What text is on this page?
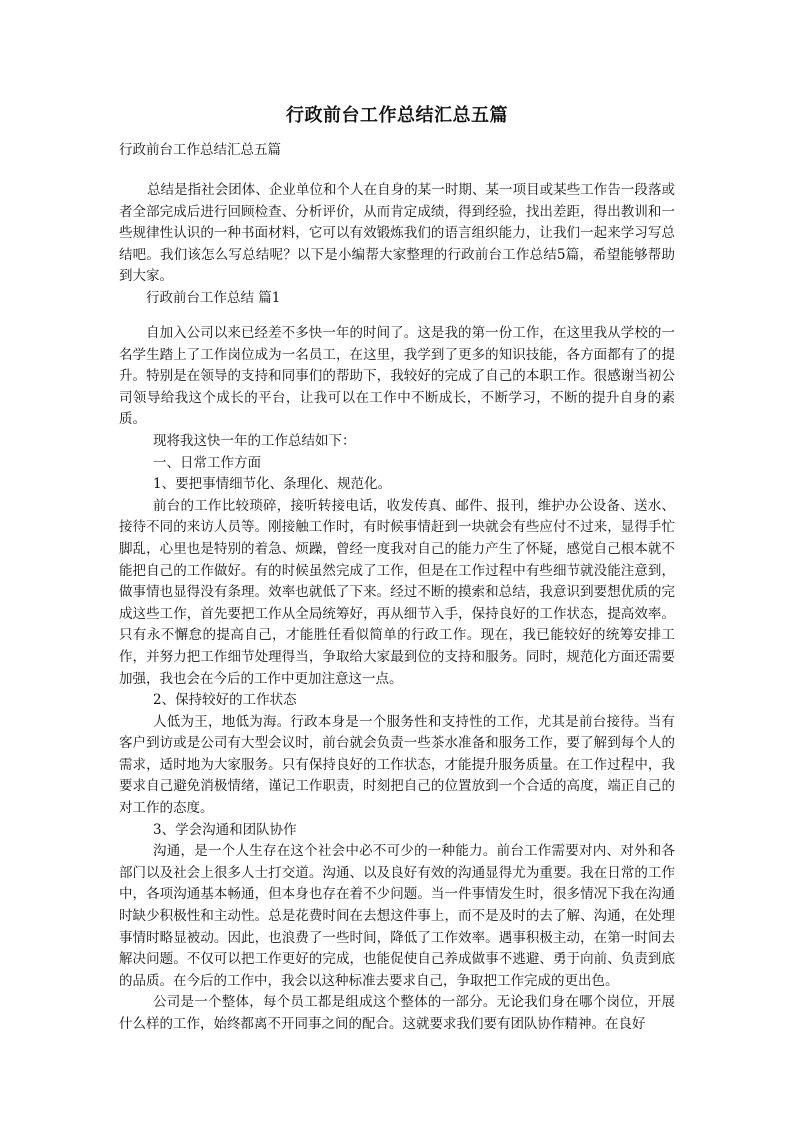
行政前台工作总结汇总五篇
行政前台工作总结汇总五篇

总结是指社会团体、企业单位和个人在自身的某一时期、某一项目或某些工作告一段落或者全部完成后进行回顾检查、分析评价，从而肯定成绩，得到经验，找出差距，得出教训和一些规律性认识的一种书面材料，它可以有效锻炼我们的语言组织能力，让我们一起来学习写总结吧。我们该怎么写总结呢？以下是小编帮大家整理的行政前台工作总结5篇，希望能够帮助到大家。

行政前台工作总结 篇1

自加入公司以来已经差不多快一年的时间了。这是我的第一份工作，在这里我从学校的一名学生踏上了工作岗位成为一名员工，在这里，我学到了更多的知识技能，各方面都有了的提升。特别是在领导的支持和同事们的帮助下，我较好的完成了自己的本职工作。很感谢当初公司领导给我这个成长的平台，让我可以在工作中不断成长，不断学习，不断的提升自身的素质。

现将我这快一年的工作总结如下：

一、日常工作方面

1、要把事情细节化、条理化、规范化。

前台的工作比较琐碎，接听转接电话，收发传真、邮件、报刊，维护办公设备、送水、接待不同的来访人员等。刚接触工作时，有时候事情赶到一块就会有些应付不过来，显得手忙脚乱，心里也是特别的着急、烦躁，曾经一度我对自己的能力产生了怀疑，感觉自己根本就不能把自己的工作做好。有的时候虽然完成了工作，但是在工作过程中有些细节就没能注意到，做事情也显得没有条理。效率也就低了下来。经过不断的摸索和总结，我意识到要想优质的完成这些工作，首先要把工作从全局统筹好，再从细节入手，保持良好的工作状态，提高效率。只有永不懈怠的提高自己，才能胜任看似简单的行政工作。现在，我已能较好的统筹安排工作，并努力把工作细节处理得当，争取给大家最到位的支持和服务。同时，规范化方面还需要加强，我也会在今后的工作中更加注意这一点。

2、保持较好的工作状态

人低为王，地低为海。行政本身是一个服务性和支持性的工作，尤其是前台接待。当有客户到访或是公司有大型会议时，前台就会负责一些茶水准备和服务工作，要了解到每个人的需求，适时地为大家服务。只有保持良好的工作状态，才能提升服务质量。在工作过程中，我要求自己避免消极情绪，谨记工作职责，时刻把自己的位置放到一个合适的高度，端正自己的对工作的态度。

3、学会沟通和团队协作

沟通，是一个人生存在这个社会中必不可少的一种能力。前台工作需要对内、对外和各部门以及社会上很多人士打交道。沟通、以及良好有效的沟通显得尤为重要。我在日常的工作中，各项沟通基本畅通，但本身也存在着不少问题。当一件事情发生时，很多情况下我在沟通时缺少积极性和主动性。总是花费时间在去想这件事上，而不是及时的去了解、沟通，在处理事情时略显被动。因此，也浪费了一些时间，降低了工作效率。遇事积极主动，在第一时间去解决问题。不仅可以把工作更好的完成，也能促使自己养成做事不逃避、勇于向前、负责到底的品质。在今后的工作中，我会以这种标准去要求自己，争取把工作完成的更出色。

公司是一个整体，每个员工都是组成这个整体的一部分。无论我们身在哪个岗位，开展什么样的工作，始终都离不开同事之间的配合。这就要求我们要有团队协作精神。在良好
